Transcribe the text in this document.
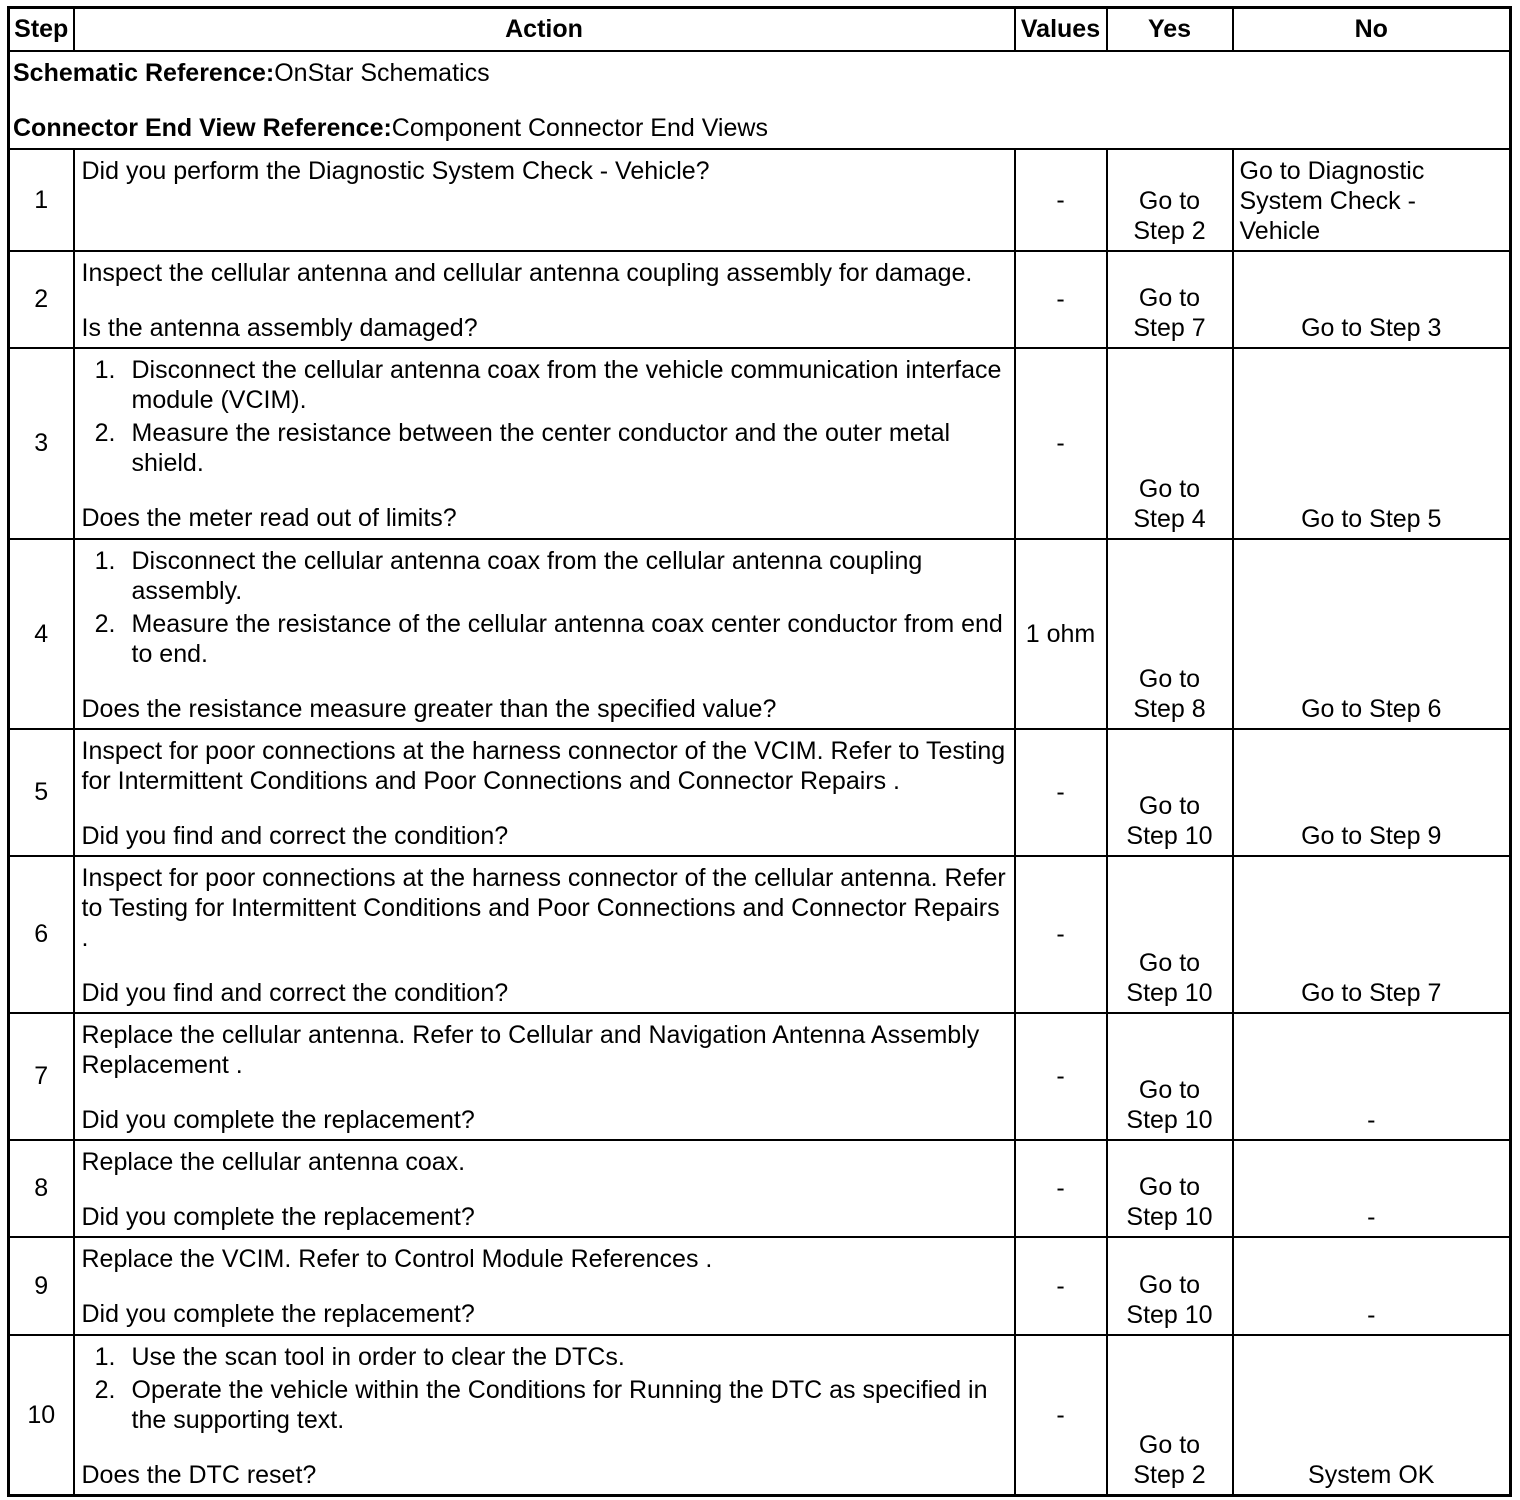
Step	Action	Values	Yes	No

Schematic Reference:OnStar Schematics

Connector End View Reference:Component Connector End Views				

1	Did you perform the Diagnostic System Check - Vehicle?	-	Go to Step 2	Go to Diagnostic System Check - Vehicle
2	Inspect the cellular antenna and cellular antenna coupling assembly for damage.

Is the antenna assembly damaged?	-	Go to Step 7	Go to Step 3
3	1. Disconnect the cellular antenna coax from the vehicle communication interface module (VCIM).
2. Measure the resistance between the center conductor and the outer metal shield.

Does the meter read out of limits?	-	Go to Step 4	Go to Step 5
4	1. Disconnect the cellular antenna coax from the cellular antenna coupling assembly.
2. Measure the resistance of the cellular antenna coax center conductor from end to end.

Does the resistance measure greater than the specified value?	1 ohm	Go to Step 8	Go to Step 6
5	Inspect for poor connections at the harness connector of the VCIM. Refer to Testing for Intermittent Conditions and Poor Connections and Connector Repairs .

Did you find and correct the condition?	-	Go to Step 10	Go to Step 9
6	Inspect for poor connections at the harness connector of the cellular antenna. Refer to Testing for Intermittent Conditions and Poor Connections and Connector Repairs .

Did you find and correct the condition?	-	Go to Step 10	Go to Step 7
7	Replace the cellular antenna. Refer to Cellular and Navigation Antenna Assembly Replacement .

Did you complete the replacement?	-	Go to Step 10	-
8	Replace the cellular antenna coax.

Did you complete the replacement?	-	Go to Step 10	-
9	Replace the VCIM. Refer to Control Module References .

Did you complete the replacement?	-	Go to Step 10	-
10	1. Use the scan tool in order to clear the DTCs.
2. Operate the vehicle within the Conditions for Running the DTC as specified in the supporting text.

Does the DTC reset?	-	Go to Step 2	System OK
